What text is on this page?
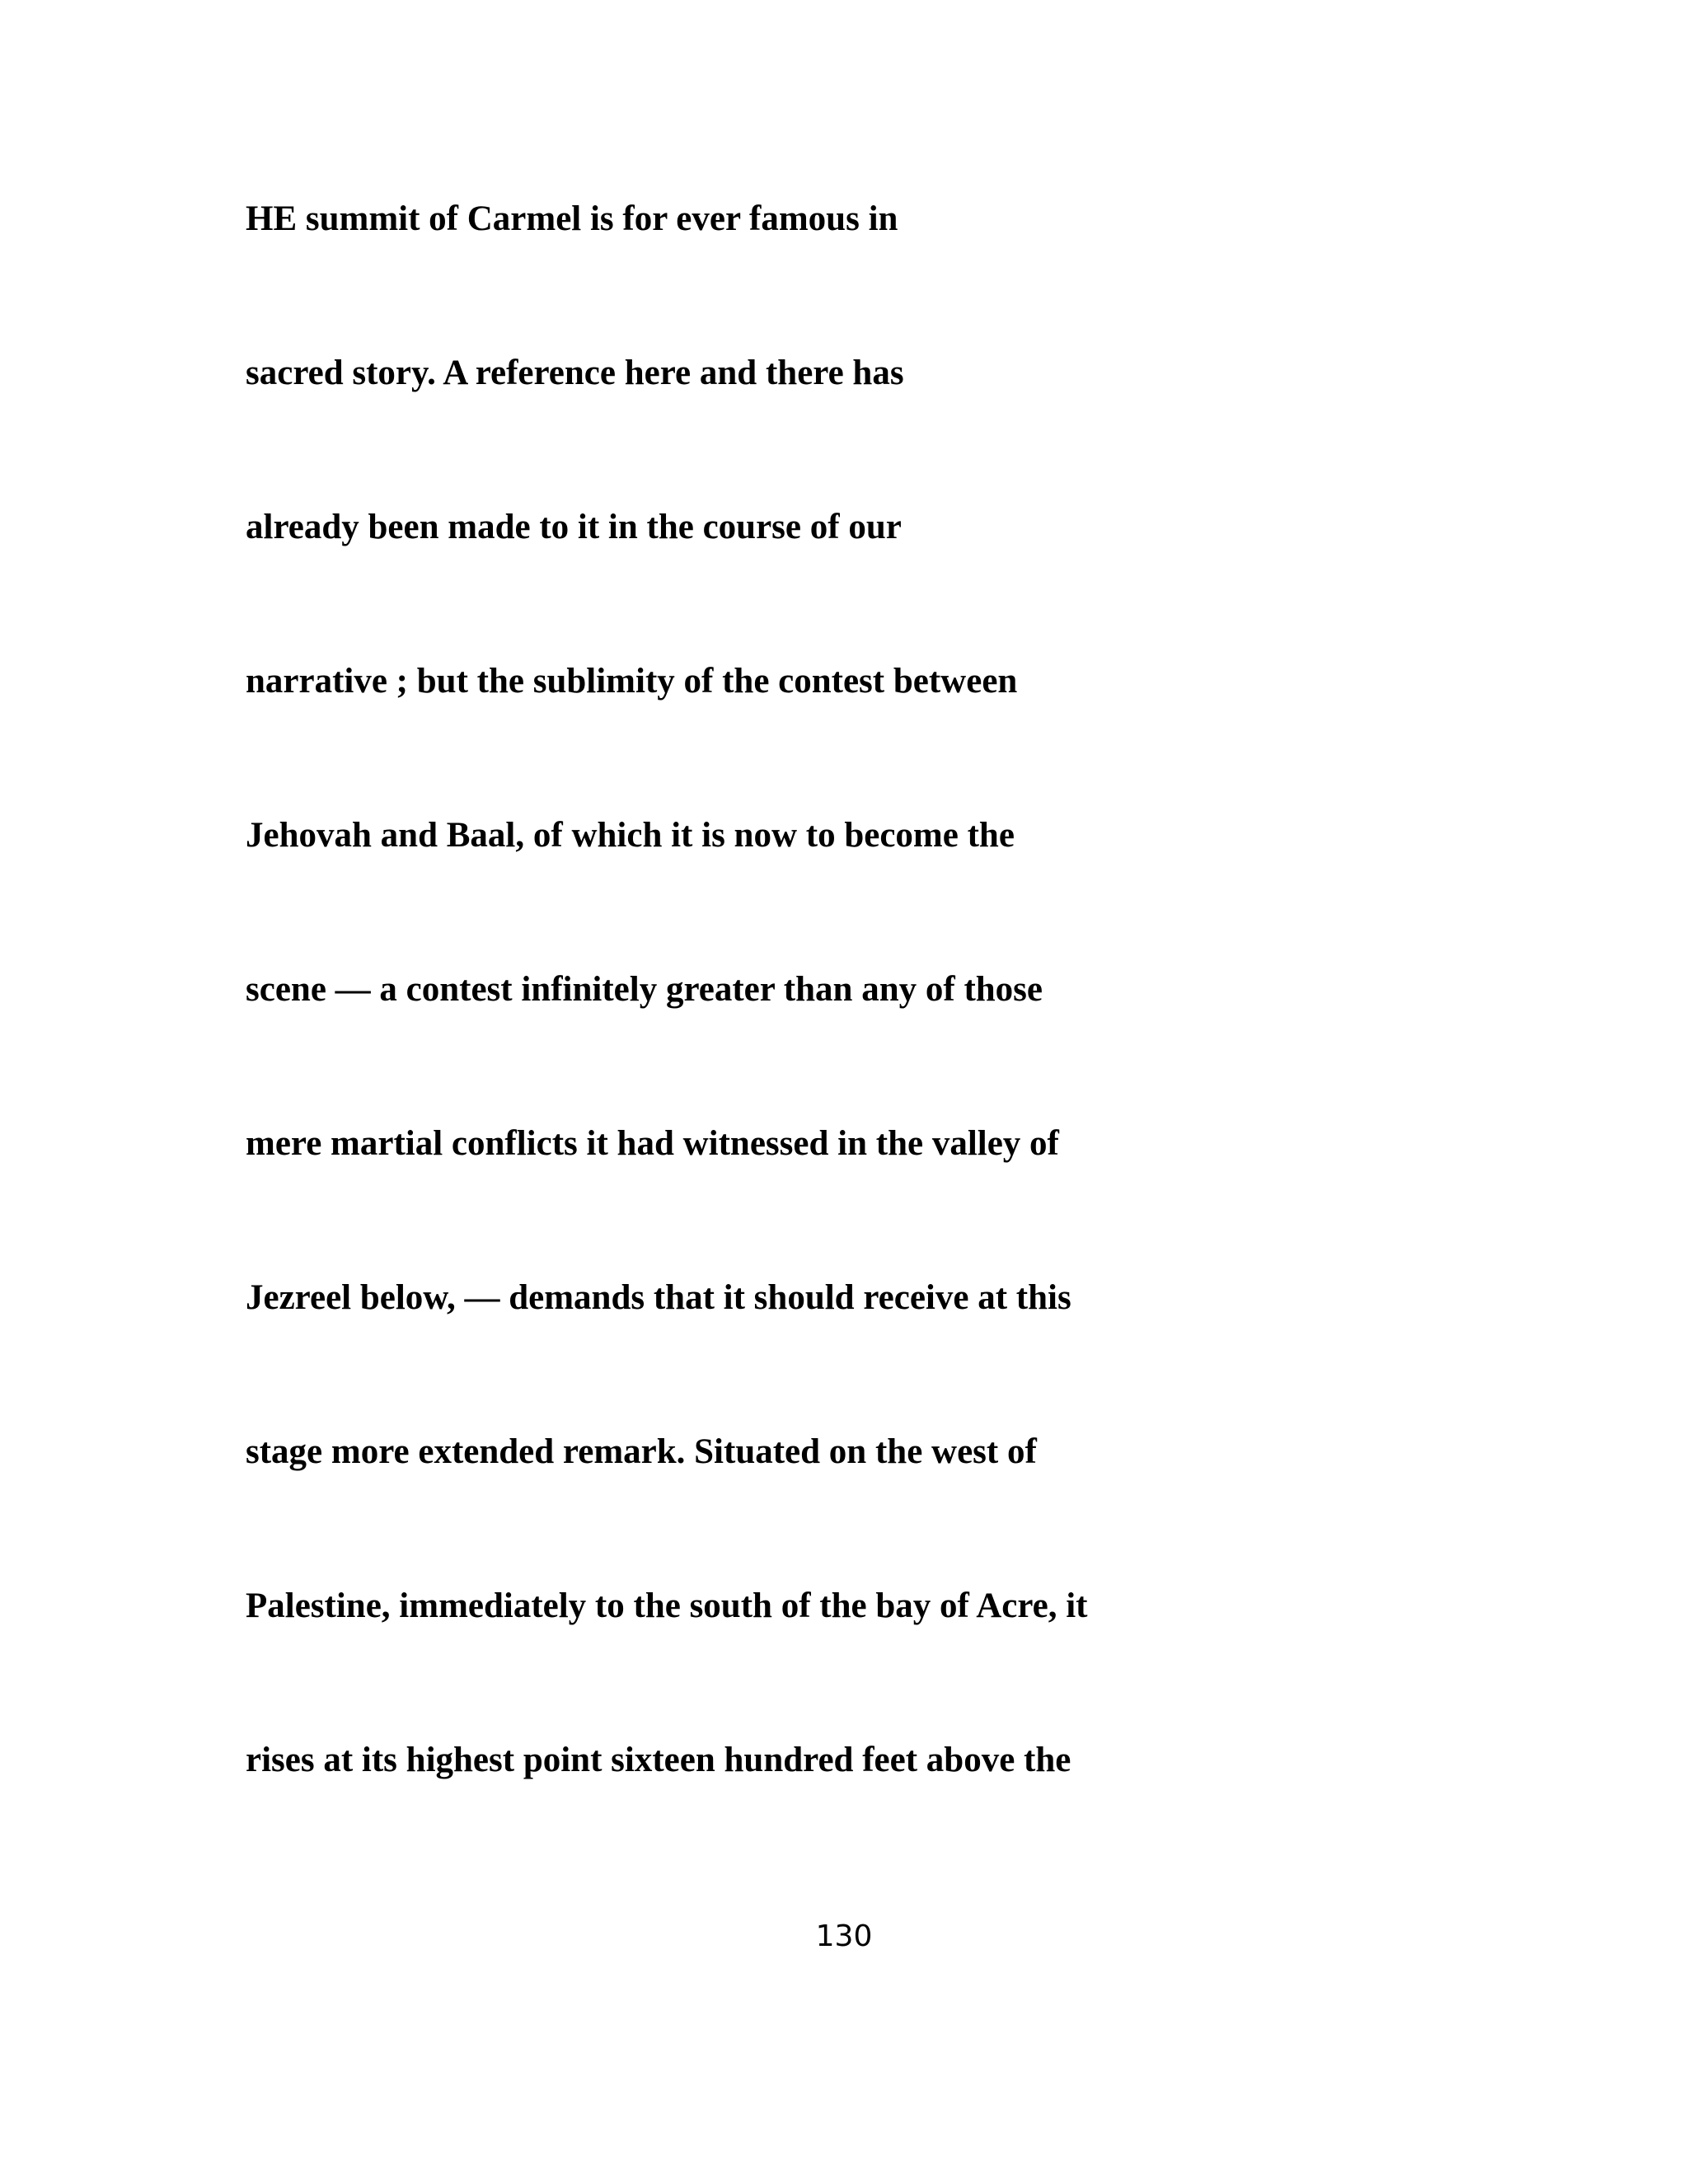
HE summit of Carmel is for ever famous in
sacred story. A reference here and there has
already been made to it in the course of our
narrative ; but the sublimity of the contest between
Jehovah and Baal, of which it is now to become the
scene — a contest infinitely greater than any of those
mere martial conflicts it had witnessed in the valley of
Jezreel below, — demands that it should receive at this
stage more extended remark. Situated on the west of
Palestine, immediately to the south of the bay of Acre, it
rises at its highest point sixteen hundred feet above the
130
